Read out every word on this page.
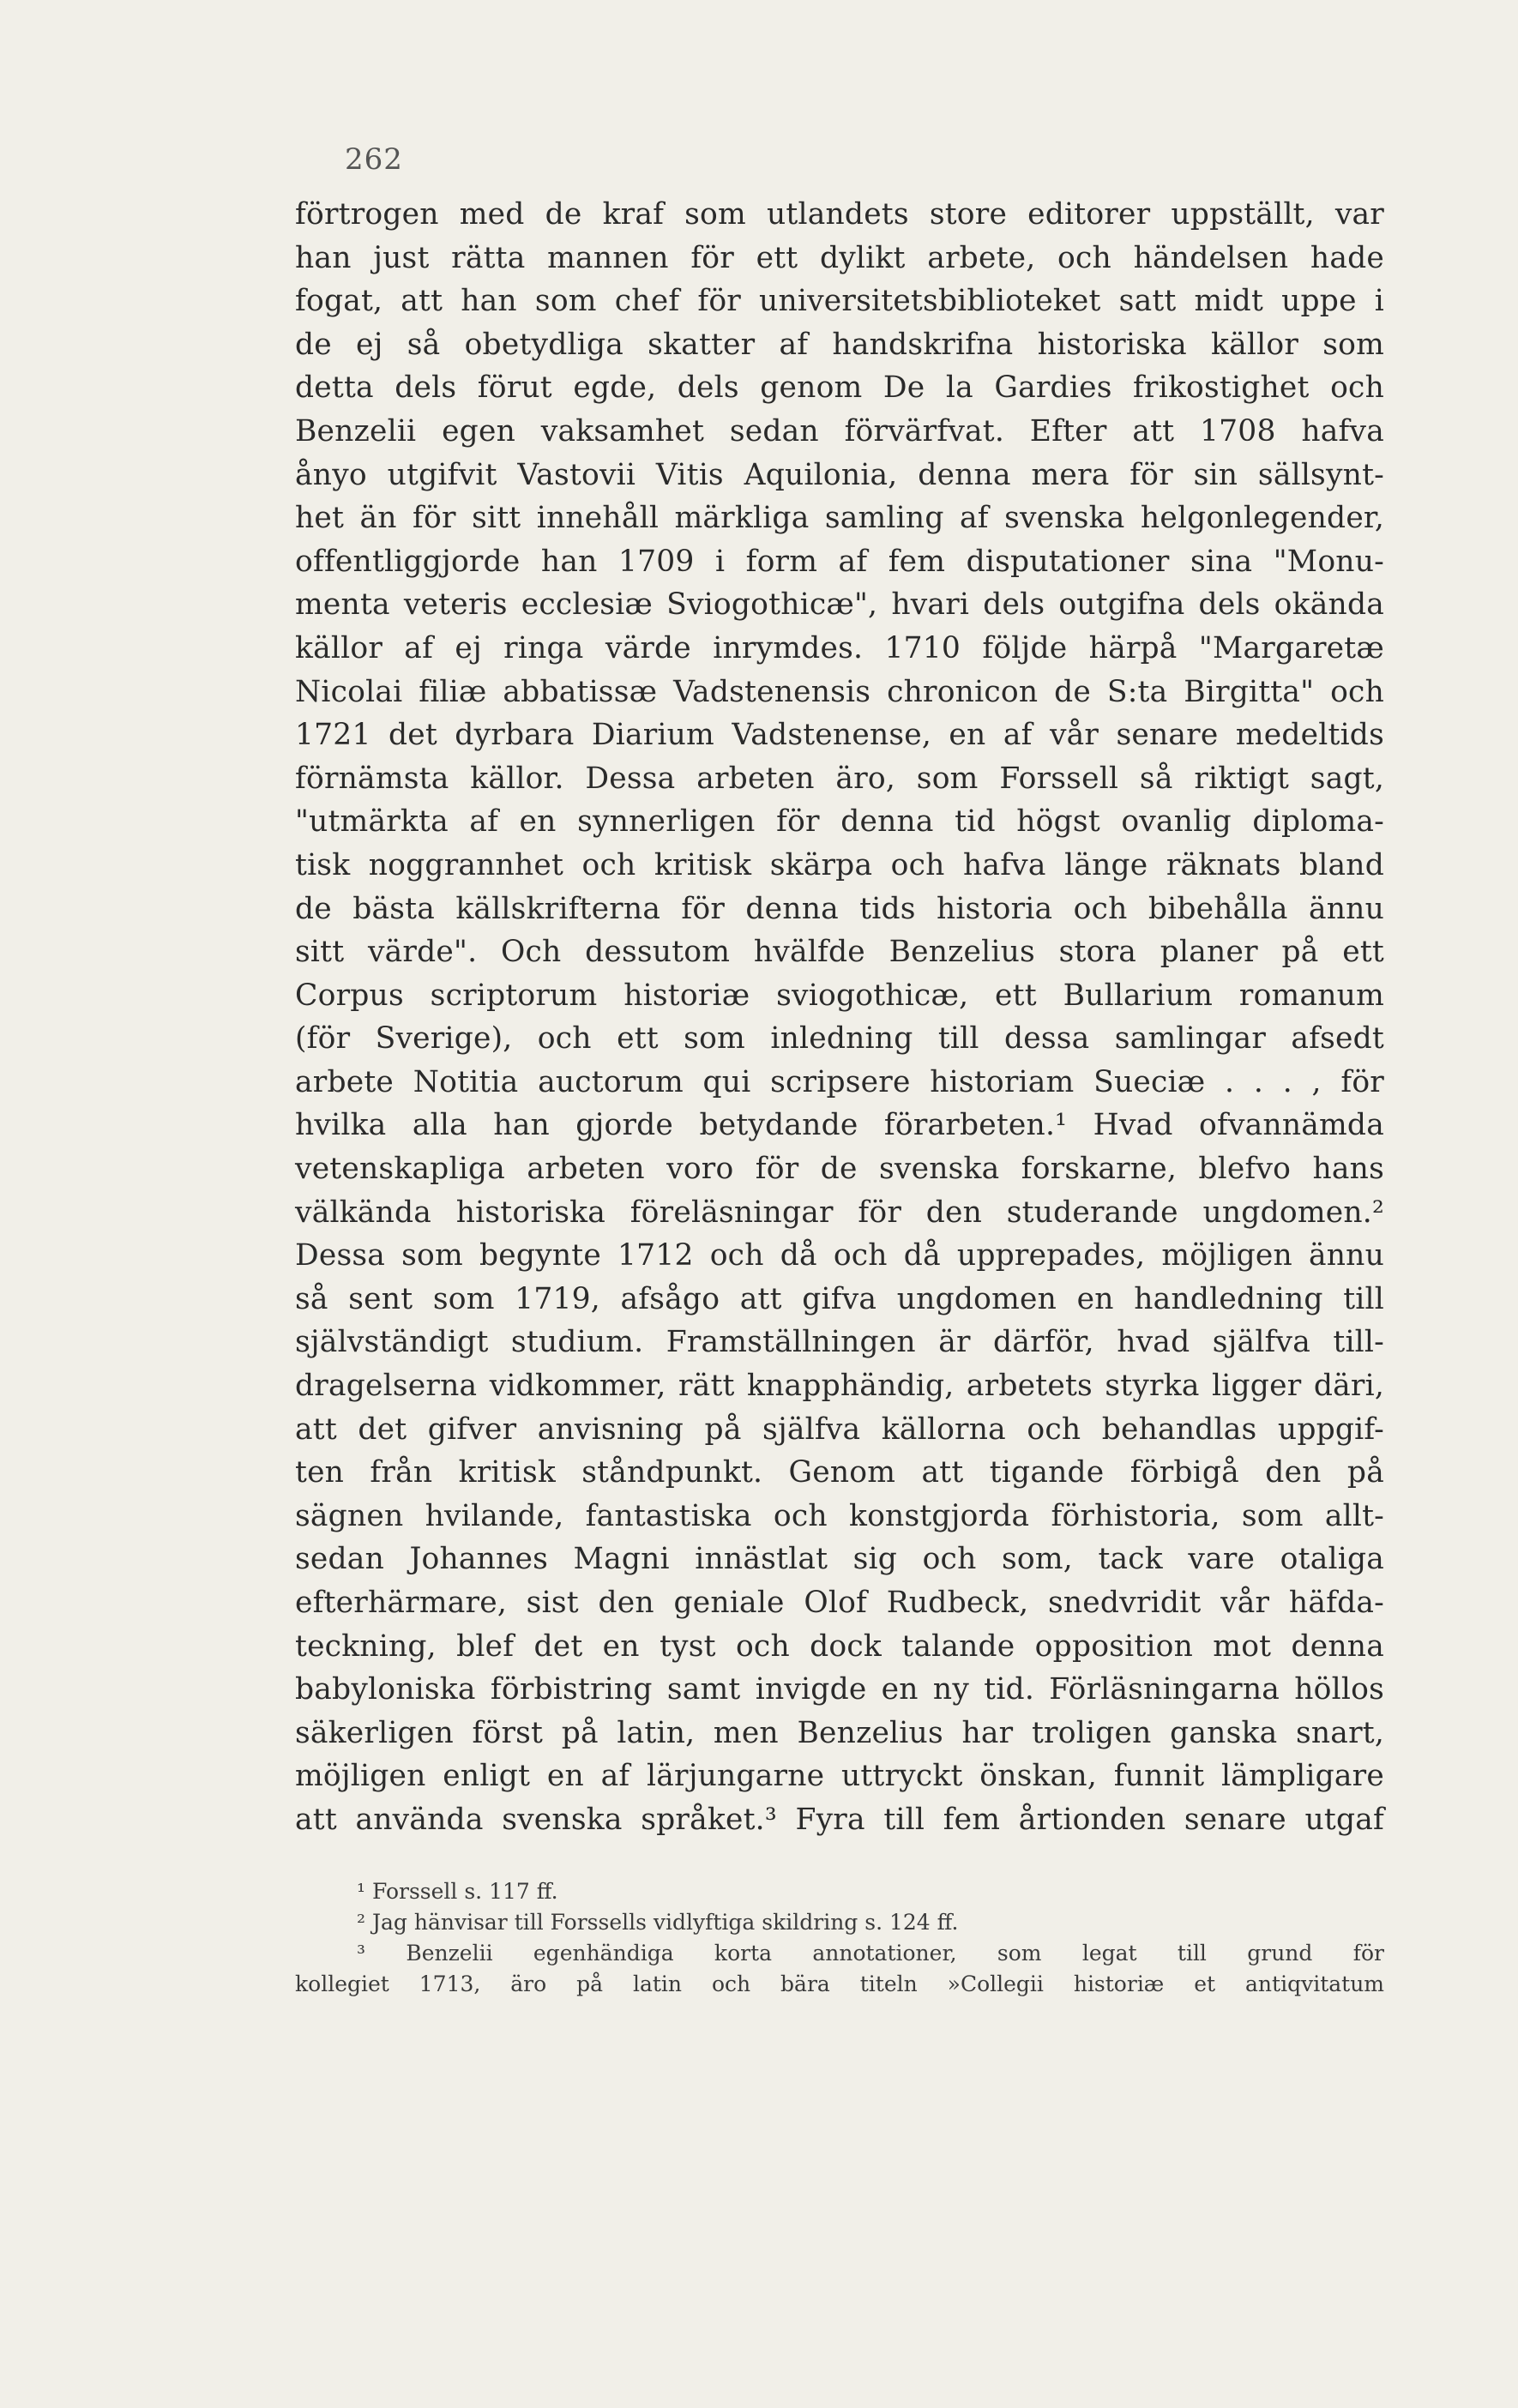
262
förtrogen med de kraf som utlandets store editorer uppställt, var
han just rätta mannen för ett dylikt arbete, och händelsen hade
fogat, att han som chef för universitetsbiblioteket satt midt uppe i
de ej så obetydliga skatter af handskrifna historiska källor som
detta dels förut egde, dels genom De la Gardies frikostighet och
Benzelii egen vaksamhet sedan förvärfvat. Efter att 1708 hafva
ånyo utgifvit Vastovii Vitis Aquilonia, denna mera för sin sällsynt-
het än för sitt innehåll märkliga samling af svenska helgonlegender,
offentliggjorde han 1709 i form af fem disputationer sina "Monu-
menta veteris ecclesiæ Sviogothicæ", hvari dels outgifna dels okända
källor af ej ringa värde inrymdes. 1710 följde härpå "Margaretæ
Nicolai filiæ abbatissæ Vadstenensis chronicon de S:ta Birgitta" och
1721 det dyrbara Diarium Vadstenense, en af vår senare medeltids
förnämsta källor. Dessa arbeten äro, som Forssell så riktigt sagt,
"utmärkta af en synnerligen för denna tid högst ovanlig diploma-
tisk noggrannhet och kritisk skärpa och hafva länge räknats bland
de bästa källskrifterna för denna tids historia och bibehålla ännu
sitt värde". Och dessutom hvälfde Benzelius stora planer på ett
Corpus scriptorum historiæ sviogothicæ, ett Bullarium romanum
(för Sverige), och ett som inledning till dessa samlingar afsedt
arbete Notitia auctorum qui scripsere historiam Sueciæ . . . , för
hvilka alla han gjorde betydande förarbeten.¹ Hvad ofvannämda
vetenskapliga arbeten voro för de svenska forskarne, blefvo hans
välkända historiska föreläsningar för den studerande ungdomen.²
Dessa som begynte 1712 och då och då upprepades, möjligen ännu
så sent som 1719, afsågo att gifva ungdomen en handledning till
självständigt studium. Framställningen är därför, hvad själfva till-
dragelserna vidkommer, rätt knapphändig, arbetets styrka ligger däri,
att det gifver anvisning på själfva källorna och behandlas uppgif-
ten från kritisk ståndpunkt. Genom att tigande förbigå den på
sägnen hvilande, fantastiska och konstgjorda förhistoria, som allt-
sedan Johannes Magni innästlat sig och som, tack vare otaliga
efterhärmare, sist den geniale Olof Rudbeck, snedvridit vår häfda-
teckning, blef det en tyst och dock talande opposition mot denna
babyloniska förbistring samt invigde en ny tid. Förläsningarna höllos
säkerligen först på latin, men Benzelius har troligen ganska snart,
möjligen enligt en af lärjungarne uttryckt önskan, funnit lämpligare
att använda svenska språket.³ Fyra till fem årtionden senare utgaf
¹ Forssell s. 117 ff.
² Jag hänvisar till Forssells vidlyftiga skildring s. 124 ff.
³ Benzelii egenhändiga korta annotationer, som legat till grund för
kollegiet 1713, äro på latin och bära titeln »Collegii historiæ et antiqvitatum
